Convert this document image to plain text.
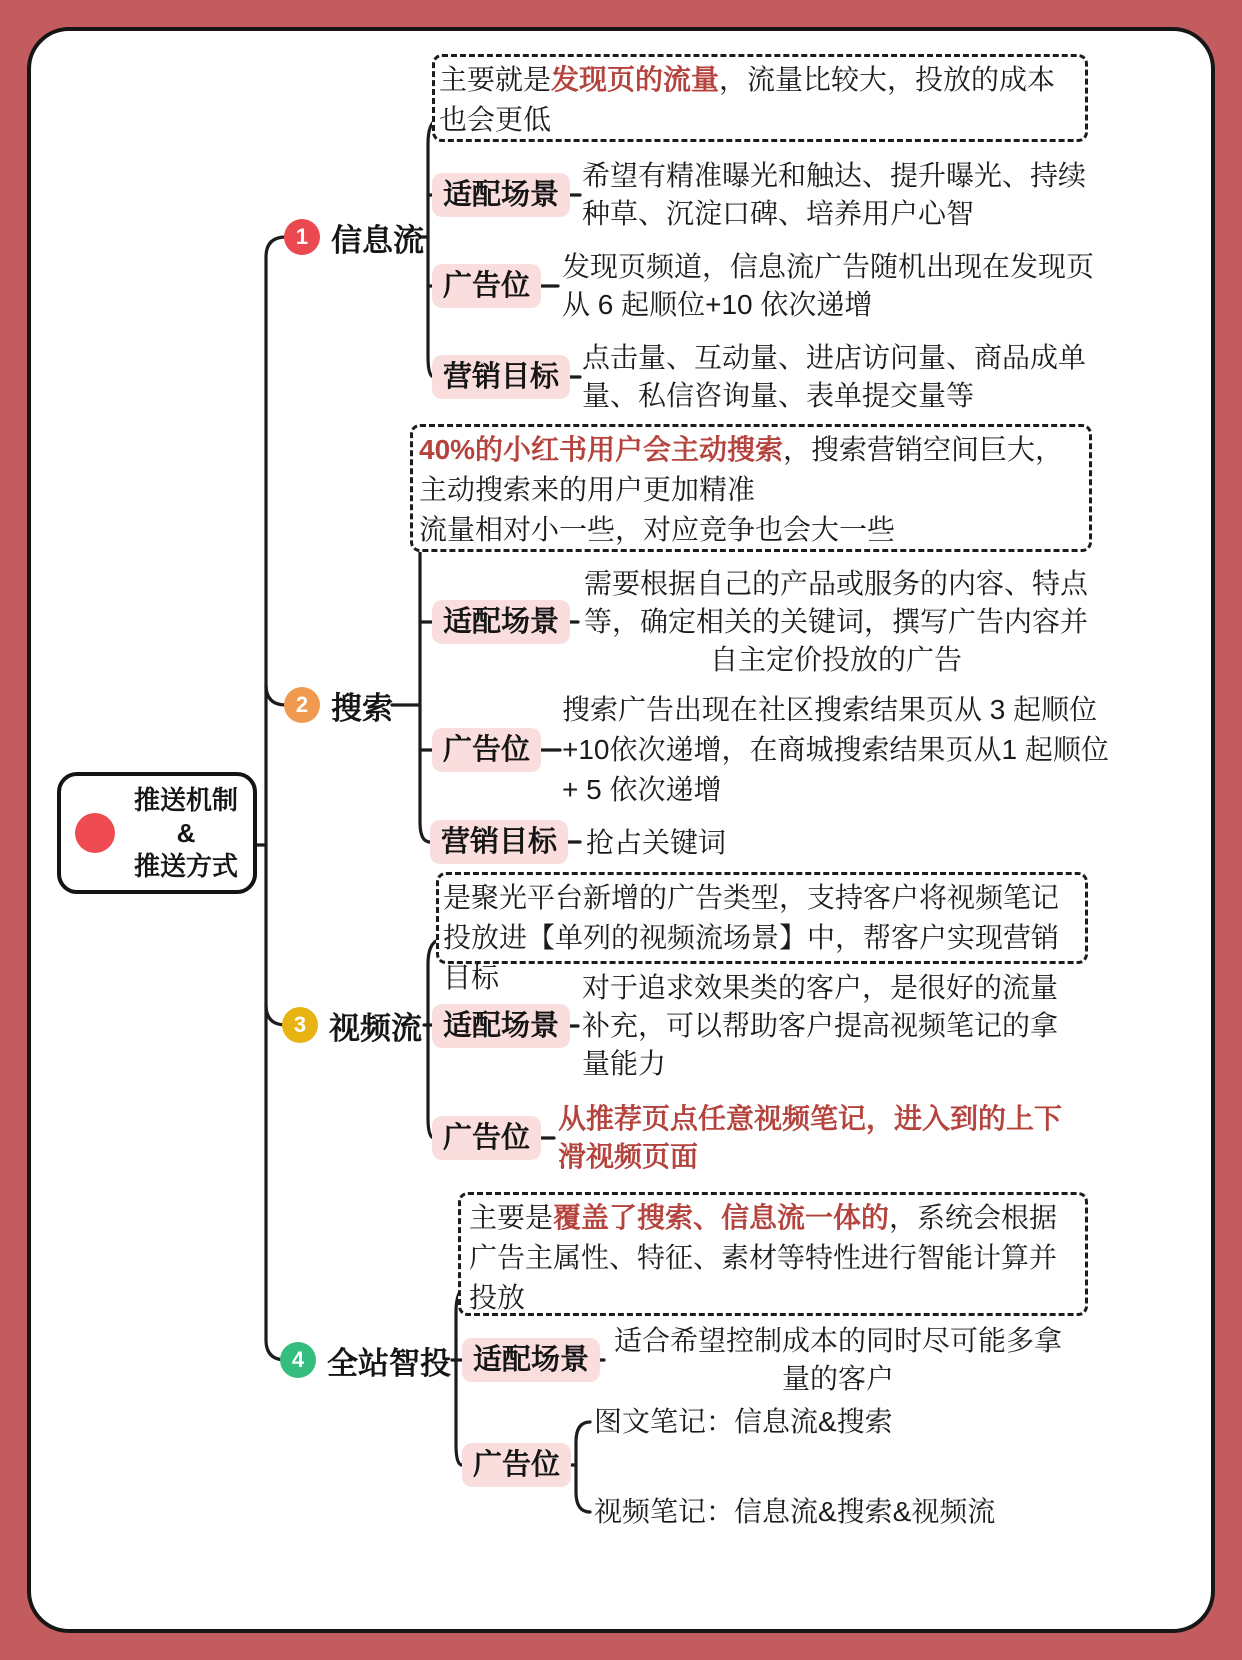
推送机制
&
推送方式
1 信息流
2 搜索
3 视频流
4 全站智投
主要就是发现页的流量，流量比较大，投放的成本也会更低
适配场景
希望有精准曝光和触达、提升曝光、持续种草、沉淀口碑、培养用户心智
广告位
发现页频道，信息流广告随机出现在发现页从 6 起顺位+10 依次递增
营销目标
点击量、互动量、进店访问量、商品成单量、私信咨询量、表单提交量等
40%的小红书用户会主动搜索，搜索营销空间巨大，主动搜索来的用户更加精准
流量相对小一些，对应竞争也会大一些
适配场景
需要根据自己的产品或服务的内容、特点等，确定相关的关键词，撰写广告内容并自主定价投放的广告
广告位
搜索广告出现在社区搜索结果页从 3 起顺位+10依次递增，在商城搜索结果页从1 起顺位 + 5 依次递增
营销目标	抢占关键词
是聚光平台新增的广告类型，支持客户将视频笔记投放进【单列的视频流场景】中，帮客户实现营销目标
适配场景
对于追求效果类的客户，是很好的流量补充，可以帮助客户提高视频笔记的拿量能力
广告位
从推荐页点任意视频笔记，进入到的上下滑视频页面
主要是覆盖了搜索、信息流一体的，系统会根据广告主属性、特征、素材等特性进行智能计算并投放
适配场景
适合希望控制成本的同时尽可能多拿量的客户
广告位
图文笔记：信息流&搜索
视频笔记：信息流&搜索&视频流
